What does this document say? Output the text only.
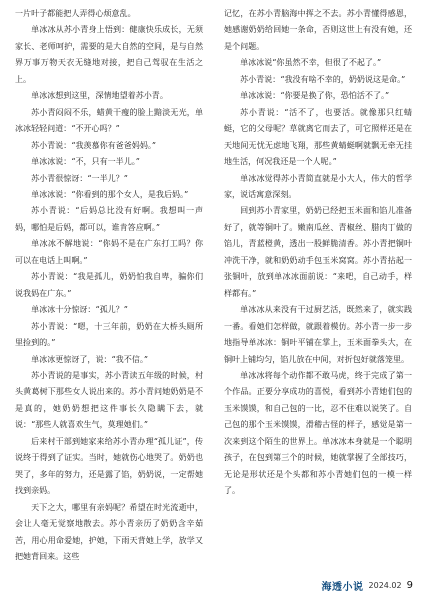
一片叶子都能把人弄得心烦意乱。

单冰冰从苏小青身上悟到：健康快乐成长，无须家长、老师呵护，需要的是大自然的空间，是与自然界万事万物天衣无缝地对接，把自己驾驭在生活之上。

单冰冰想到这里，深情地望着苏小青。

苏小青闷闷不乐，蜡黄干瘦的脸上黯淡无光，单冰冰轻轻问道：“不开心吗？”

苏小青说：“我羡慕你有爸爸妈妈。”

单冰冰说：“不，只有一半儿。”

苏小青很惊讶：“一半儿？”

单冰冰说：“你看到的那个女人，是我后妈。”

苏小青说：“后妈总比没有好啊。我想叫一声妈，哪怕是后妈，都可以，谁肯答应啊。”

单冰冰不解地说：“你妈不是在广东打工吗？你可以在电话上叫啊。”

苏小青说：“我是孤儿，奶奶怕我自卑，骗你们说我妈在广东。”

单冰冰十分惊讶：“孤儿？”

苏小青说：“嗯，十三年前，奶奶在大桥头厕所里捡到的。”

单冰冰更惊讶了，说：“我不信。”

苏小青说的是事实，苏小青读五年级的时候，村头黄葛树下那些女人说出来的。苏小青问她奶奶是不是真的，她奶奶想把这件事长久隐瞒下去，就说：“那些人就喜欢生气，莫理她们。”

后来村干部到她家来给苏小青办理“孤儿证”，传说终于得到了证实。当时，她就伤心地哭了。奶奶也哭了，多年的努力，还是露了馅，奶奶说，一定帮她找到亲妈。

天下之大，哪里有亲妈呢？希望在时光流逝中，会让人毫无觉察地散去。苏小青亲历了奶奶含辛茹苦，用心用命爱她，护她，下雨天背她上学，放学又把她背回来。这些

记忆，在苏小青脑海中挥之不去。苏小青懂得感恩，她感谢奶奶给回她一条命，否则这世上有没有她，还是个问题。

单冰冰说“你虽然不幸，但很了不起了。”

苏小青说：“我没有啥不幸的，奶奶说这是命。”

单冰冰说：“你要是换了你，恐怕活不了。”

苏小青说：“活不了，也要活。就像那只红蜻蜓，它的父母呢？草就离它而去了，可它照样还是在天地间无忧无虑地飞翔，那些黄蜻蜓啊就飘无牵无挂地生活，何况我还是一个人呢。”

单冰冰觉得苏小青简直就是小大人，伟大的哲学家，说话寓意深刻。

回到苏小青家里，奶奶已经把玉米面和馅儿准备好了，就等铜叶了。嫩南瓜丝、青椒丝、腊肉丁做的馅儿，青蓝橙黄，透出一股鲜脆清香。苏小青把铜叶冲洗干净，就和奶奶动手包玉米窝窝。苏小青拈起一张铜叶，放到单冰冰面前说：“来吧，自己动手，样样都有。”

单冰冰从来没有干过厨艺活，既然来了，就实践一番。看她们怎样做，就跟着模仿。苏小青一步一步地指导单冰冰：铜叶平铺在掌上，玉米面拳头大，在铜叶上铺均匀，馅儿放在中间，对折包好就落笼里。

单冰冰将每个动作都不敢马虎，终于完成了第一个作品。正要分享成功的喜悦，看到苏小青她们包的玉米馍馍，和自己包的一比，忍不住难以说笑了。自己包的那个玉米馍馍，滑稽古怪的样子，感觉是第一次来到这个陌生的世界上。单冰冰本身就是一个聪明孩子，在包到第三个的时候，她就掌握了全部技巧，无论是形状还是个头都和苏小青她们包的一模一样了。

海透小说 2024.02 9
